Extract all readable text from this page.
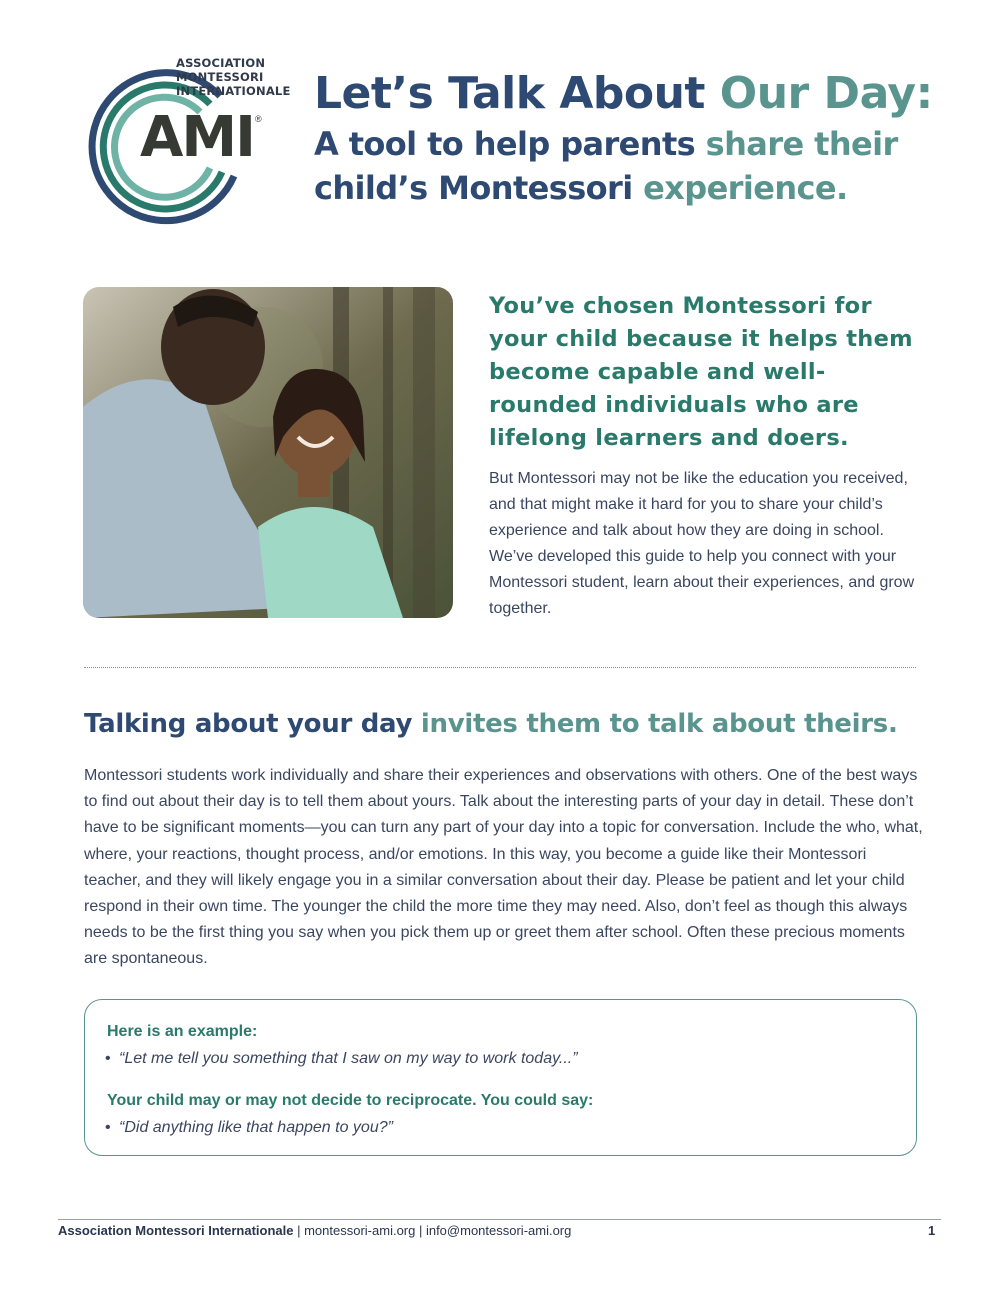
ASSOCIATION
MONTESSORI
INTERNATIONALE
AMI ® Let’s Talk About Our Day:
A tool to help parents share their
child’s Montessori experience.
You’ve chosen Montessori for your child because it helps them become capable and well-rounded individuals who are lifelong learners and doers.
But Montessori may not be like the education you received, and that might make it hard for you to share your child’s experience and talk about how they are doing in school. We’ve developed this guide to help you connect with your Montessori student, learn about their experiences, and grow together.
Talking about your day invites them to talk about theirs.
Montessori students work individually and share their experiences and observations with others. One of the best ways to find out about their day is to tell them about yours. Talk about the interesting parts of your day in detail. These don’t have to be significant moments—you can turn any part of your day into a topic for conversation. Include the who, what, where, your reactions, thought process, and/or emotions. In this way, you become a guide like their Montessori teacher, and they will likely engage you in a similar conversation about their day. Please be patient and let your child respond in their own time. The younger the child the more time they may need. Also, don’t feel as though this always needs to be the first thing you say when you pick them up or greet them after school. Often these precious moments are spontaneous.
Here is an example:
• “Let me tell you something that I saw on my way to work today...”
Your child may or may not decide to reciprocate. You could say:
• “Did anything like that happen to you?”
Association Montessori Internationale | montessori-ami.org | info@montessori-ami.org	1
